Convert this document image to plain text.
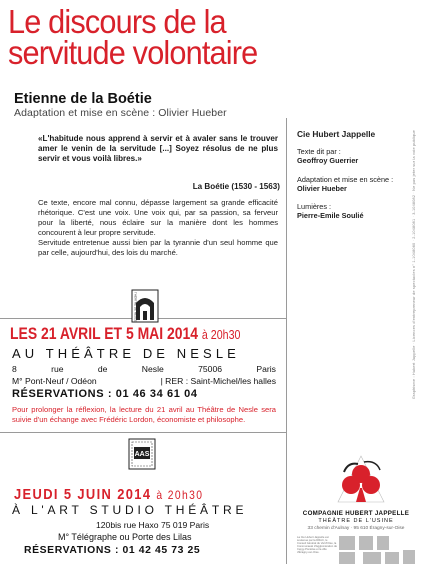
Le discours de la
servitude volontaire
Etienne de la Boétie
Adaptation et mise en scène : Olivier Hueber
«L'habitude nous apprend à servir et à avaler sans le trouver amer le venin de la servitude [...] Soyez résolus de ne plus servir et vous voilà libres.»
La Boétie (1530 - 1563)
Ce texte, encore mal connu, dépasse largement sa grande efficacité rhétorique. C'est une voix. Une voix qui, par sa passion, sa ferveur pour la liberté, nous éclaire sur la manière dont les hommes concourent à leur propre servitude.
Servitude entretenue aussi bien par la tyrannie d'un seul homme que par celle, aujourd'hui, des lois du marché.
Cie Hubert Jappelle
Texte dit par :
Geoffroy Guerrier
Adaptation et mise en scène :
Olivier Hueber
Lumières :
Pierre-Emile Soulié	Graphisme : Hubert Jappelle · Licences d'entrepreneur de spectacles n° 1-1048080 · 2-1048081 · 3-1048082 · Ne pas jeter sur la voie publique
THÉÂTRE DE NESLE
LES 21 AVRIL ET 5 MAI 2014 à 20h30
AU THÉÂTRE DE NESLE
8	rue	de	Nesle	75006	Paris
M° Pont-Neuf / Odéon	| RER : Saint-Michel/les halles
RÉSERVATIONS : 01 46 34 61 04
Pour prolonger la réflexion, la lecture du 21 avril au Théâtre de Nesle sera suivie d'un échange avec Frédéric Lordon, économiste et philosophe.
AAS
JEUDI 5 JUIN 2014 à 20h30
À L'ART STUDIO THÉÂTRE
120bis rue Haxo 75 019 Paris
M° Télégraphe ou Porte des Lilas
RÉSERVATIONS : 01 42 45 73 25
COMPAGNIE HUBERT JAPPELLE
THÉÂTRE DE L'USINE
33 chemin d'Aulnay · 95 610 Éragny-sur-Oise
La Cie Hubert Jappelle est soutenue par la DRAC, le Conseil Général du Val d'Oise, la Communauté d'Agglomération de Cergy-Pontoise et la ville d'Éragny-sur-Oise.
